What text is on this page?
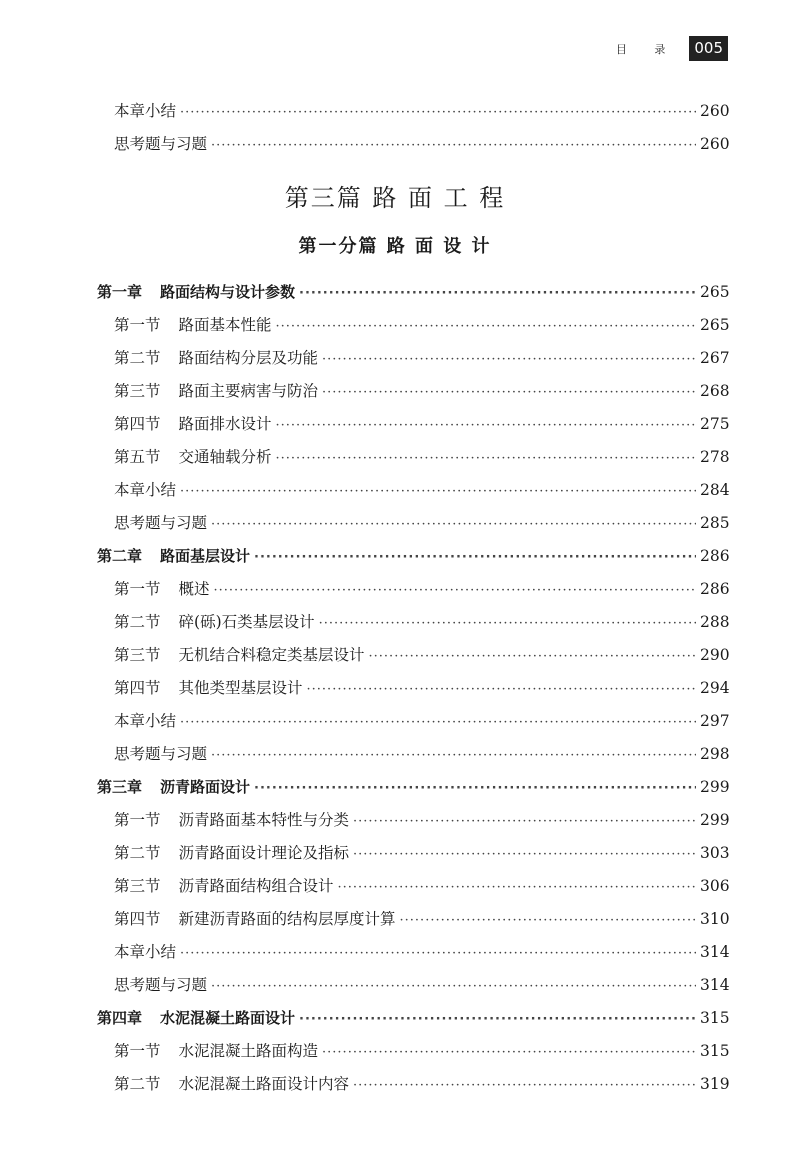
目 录	005
本章小结 ·····	260
思考题与习题 ·····	260
第三篇 路 面 工 程
第一分篇 路 面 设 计
第一章 路面结构与设计参数 ·····	265
第一节 路面基本性能 ·····	265
第二节 路面结构分层及功能 ·····	267
第三节 路面主要病害与防治 ·····	268
第四节 路面排水设计 ·····	275
第五节 交通轴载分析 ·····	278
本章小结 ·····	284
思考题与习题 ·····	285
第二章 路面基层设计 ·····	286
第一节 概述 ·····	286
第二节 碎(砾)石类基层设计 ·····	288
第三节 无机结合料稳定类基层设计 ·····	290
第四节 其他类型基层设计 ·····	294
本章小结 ·····	297
思考题与习题 ·····	298
第三章 沥青路面设计 ·····	299
第一节 沥青路面基本特性与分类 ·····	299
第二节 沥青路面设计理论及指标 ·····	303
第三节 沥青路面结构组合设计 ·····	306
第四节 新建沥青路面的结构层厚度计算 ·····	310
本章小结 ·····	314
思考题与习题 ·····	314
第四章 水泥混凝土路面设计 ·····	315
第一节 水泥混凝土路面构造 ·····	315
第二节 水泥混凝土路面设计内容 ·····	319
